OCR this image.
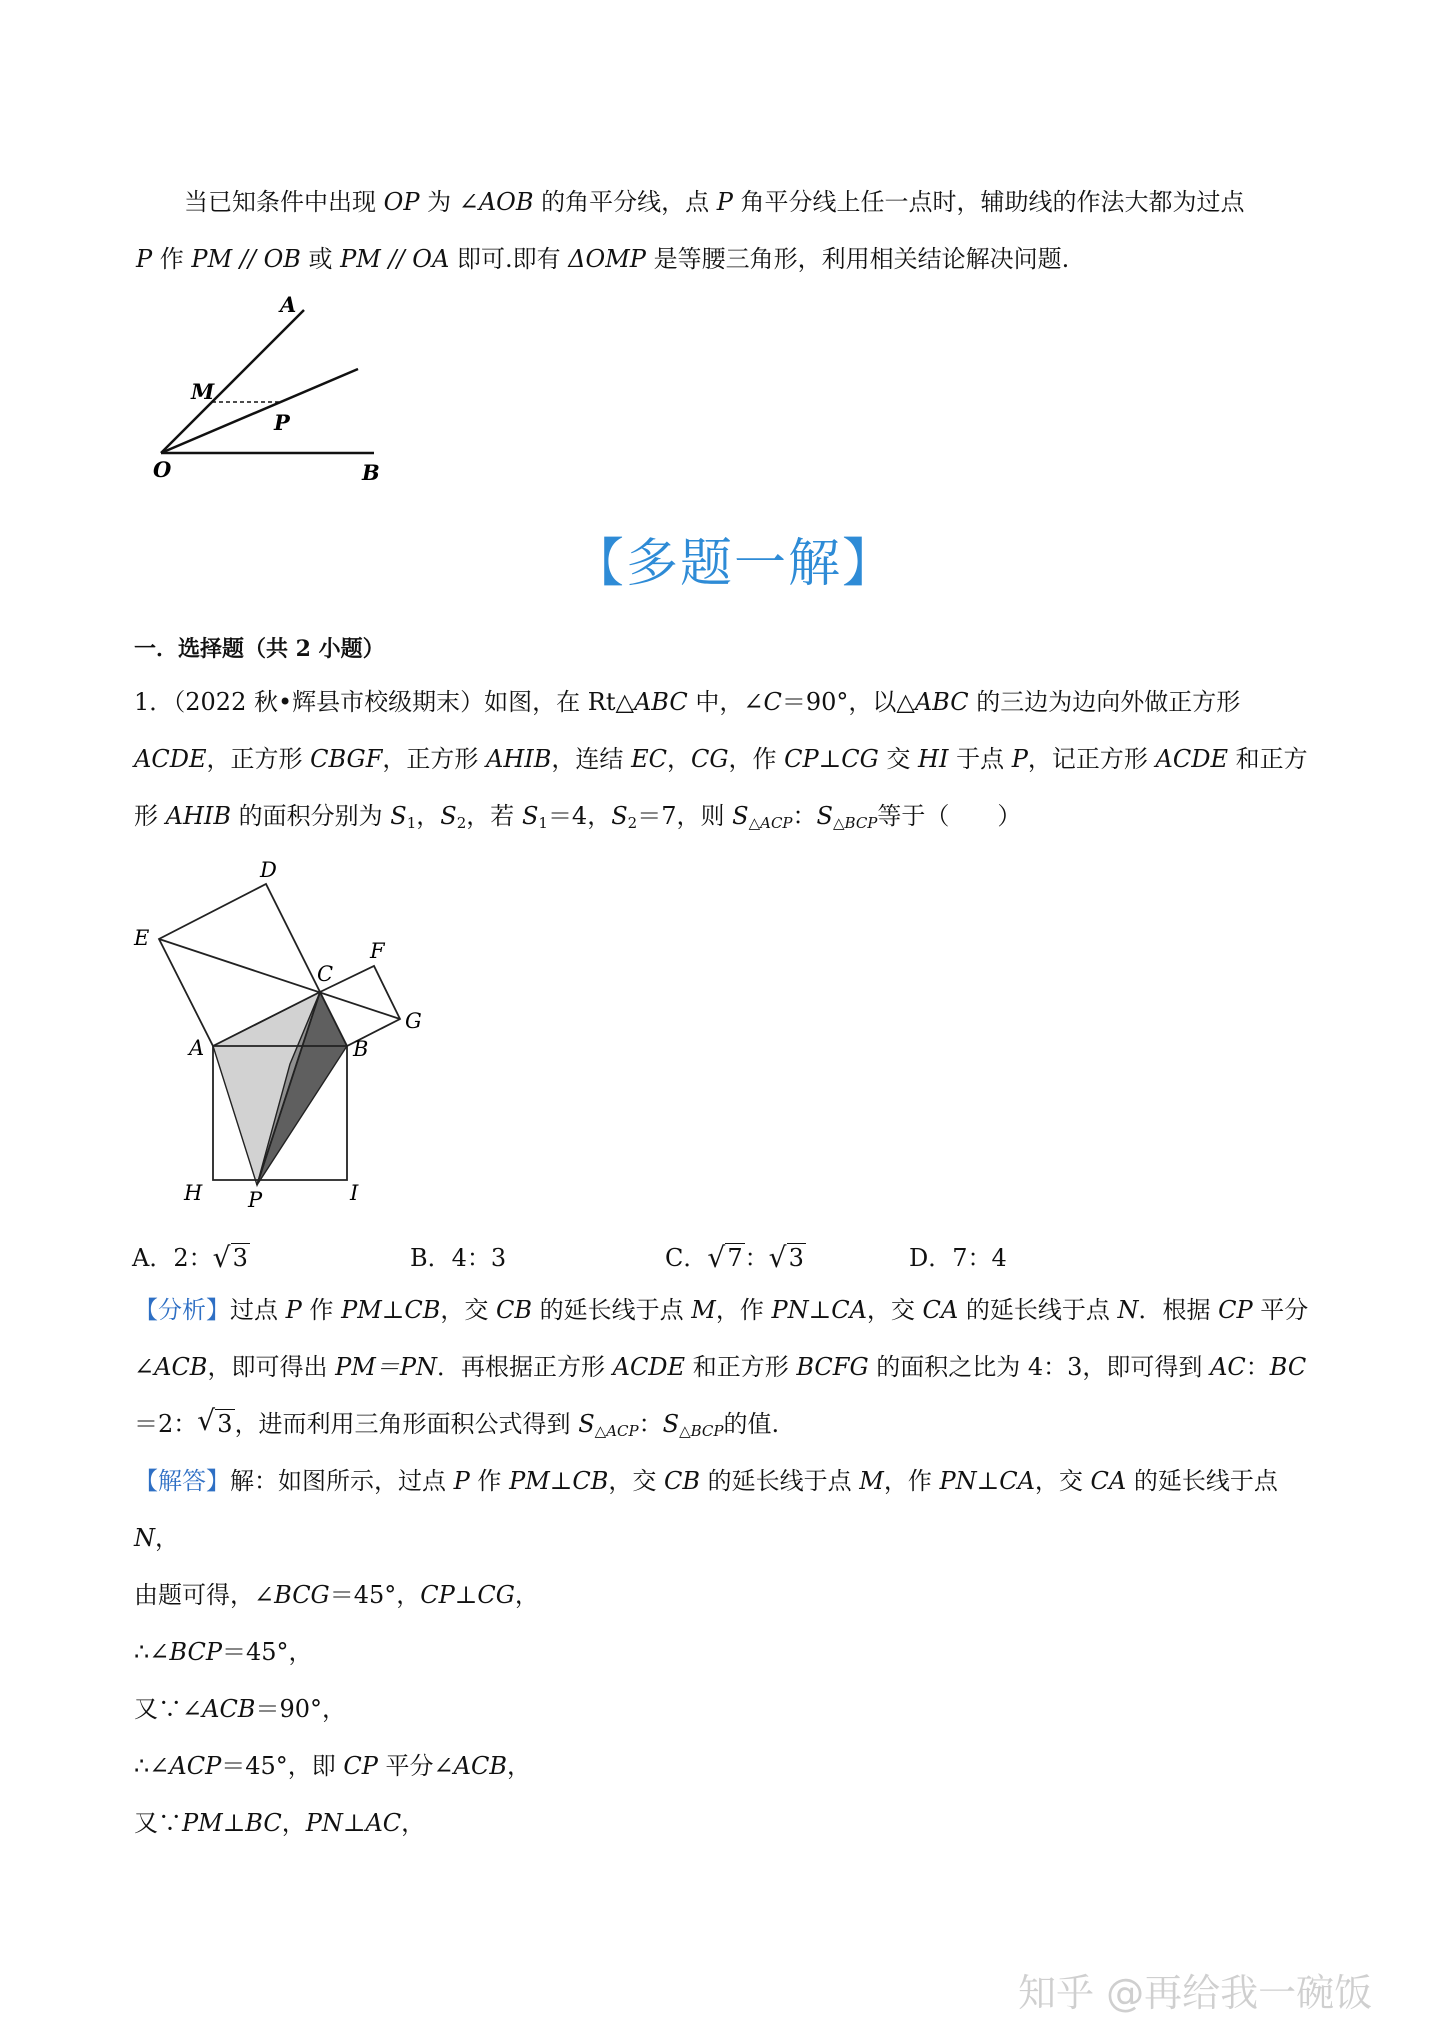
当已知条件中出现 OP 为 ∠AOB 的角平分线，点 P 角平分线上任一点时，辅助线的作法大都为过点
P 作 PM // OB 或 PM // OA 即可.即有 ΔOMP 是等腰三角形，利用相关结论解决问题.
A
M
P
O	B
【多题一解】
一．选择题（共 2 小题）
1．（2022 秋•辉县市校级期末）如图，在 Rt△ABC 中，∠C＝90°，以△ABC 的三边为边向外做正方形
ACDE，正方形 CBGF，正方形 AHIB，连结 EC，CG，作 CP⊥CG 交 HI 于点 P，记正方形 ACDE 和正方
形 AHIB 的面积分别为 $S_1$，$S_2$，若 $S_1=4$，$S_2=7$，则 $S_{\triangle ACP}$：$S_{\triangle BCP}$等于（　　）
D
E
F
C
G
A	B
H P	I
A．2： √ 3	B．4：3	C． √ 7： √ 3	D．7：4
【分析】过点 P 作 PM⊥CB，交 CB 的延长线于点 M，作 PN⊥CA，交 CA 的延长线于点 N．根据 CP 平分
∠ACB，即可得出 PM＝PN．再根据正方形 ACDE 和正方形 BCFG 的面积之比为 4：3，即可得到 AC：BC
＝2： √ 3，进而利用三角形面积公式得到 $S_{\triangle ACP}$：$S_{\triangle BCP}$的值.
【解答】解：如图所示，过点 P 作 PM⊥CB，交 CB 的延长线于点 M，作 PN⊥CA，交 CA 的延长线于点
N，
由题可得，∠BCG＝45°，CP⊥CG，
∴∠BCP＝45°，
又∵∠ACB＝90°，
∴∠ACP＝45°，即 CP 平分∠ACB，
又∵PM⊥BC，PN⊥AC，
知乎 @再给我一碗饭
